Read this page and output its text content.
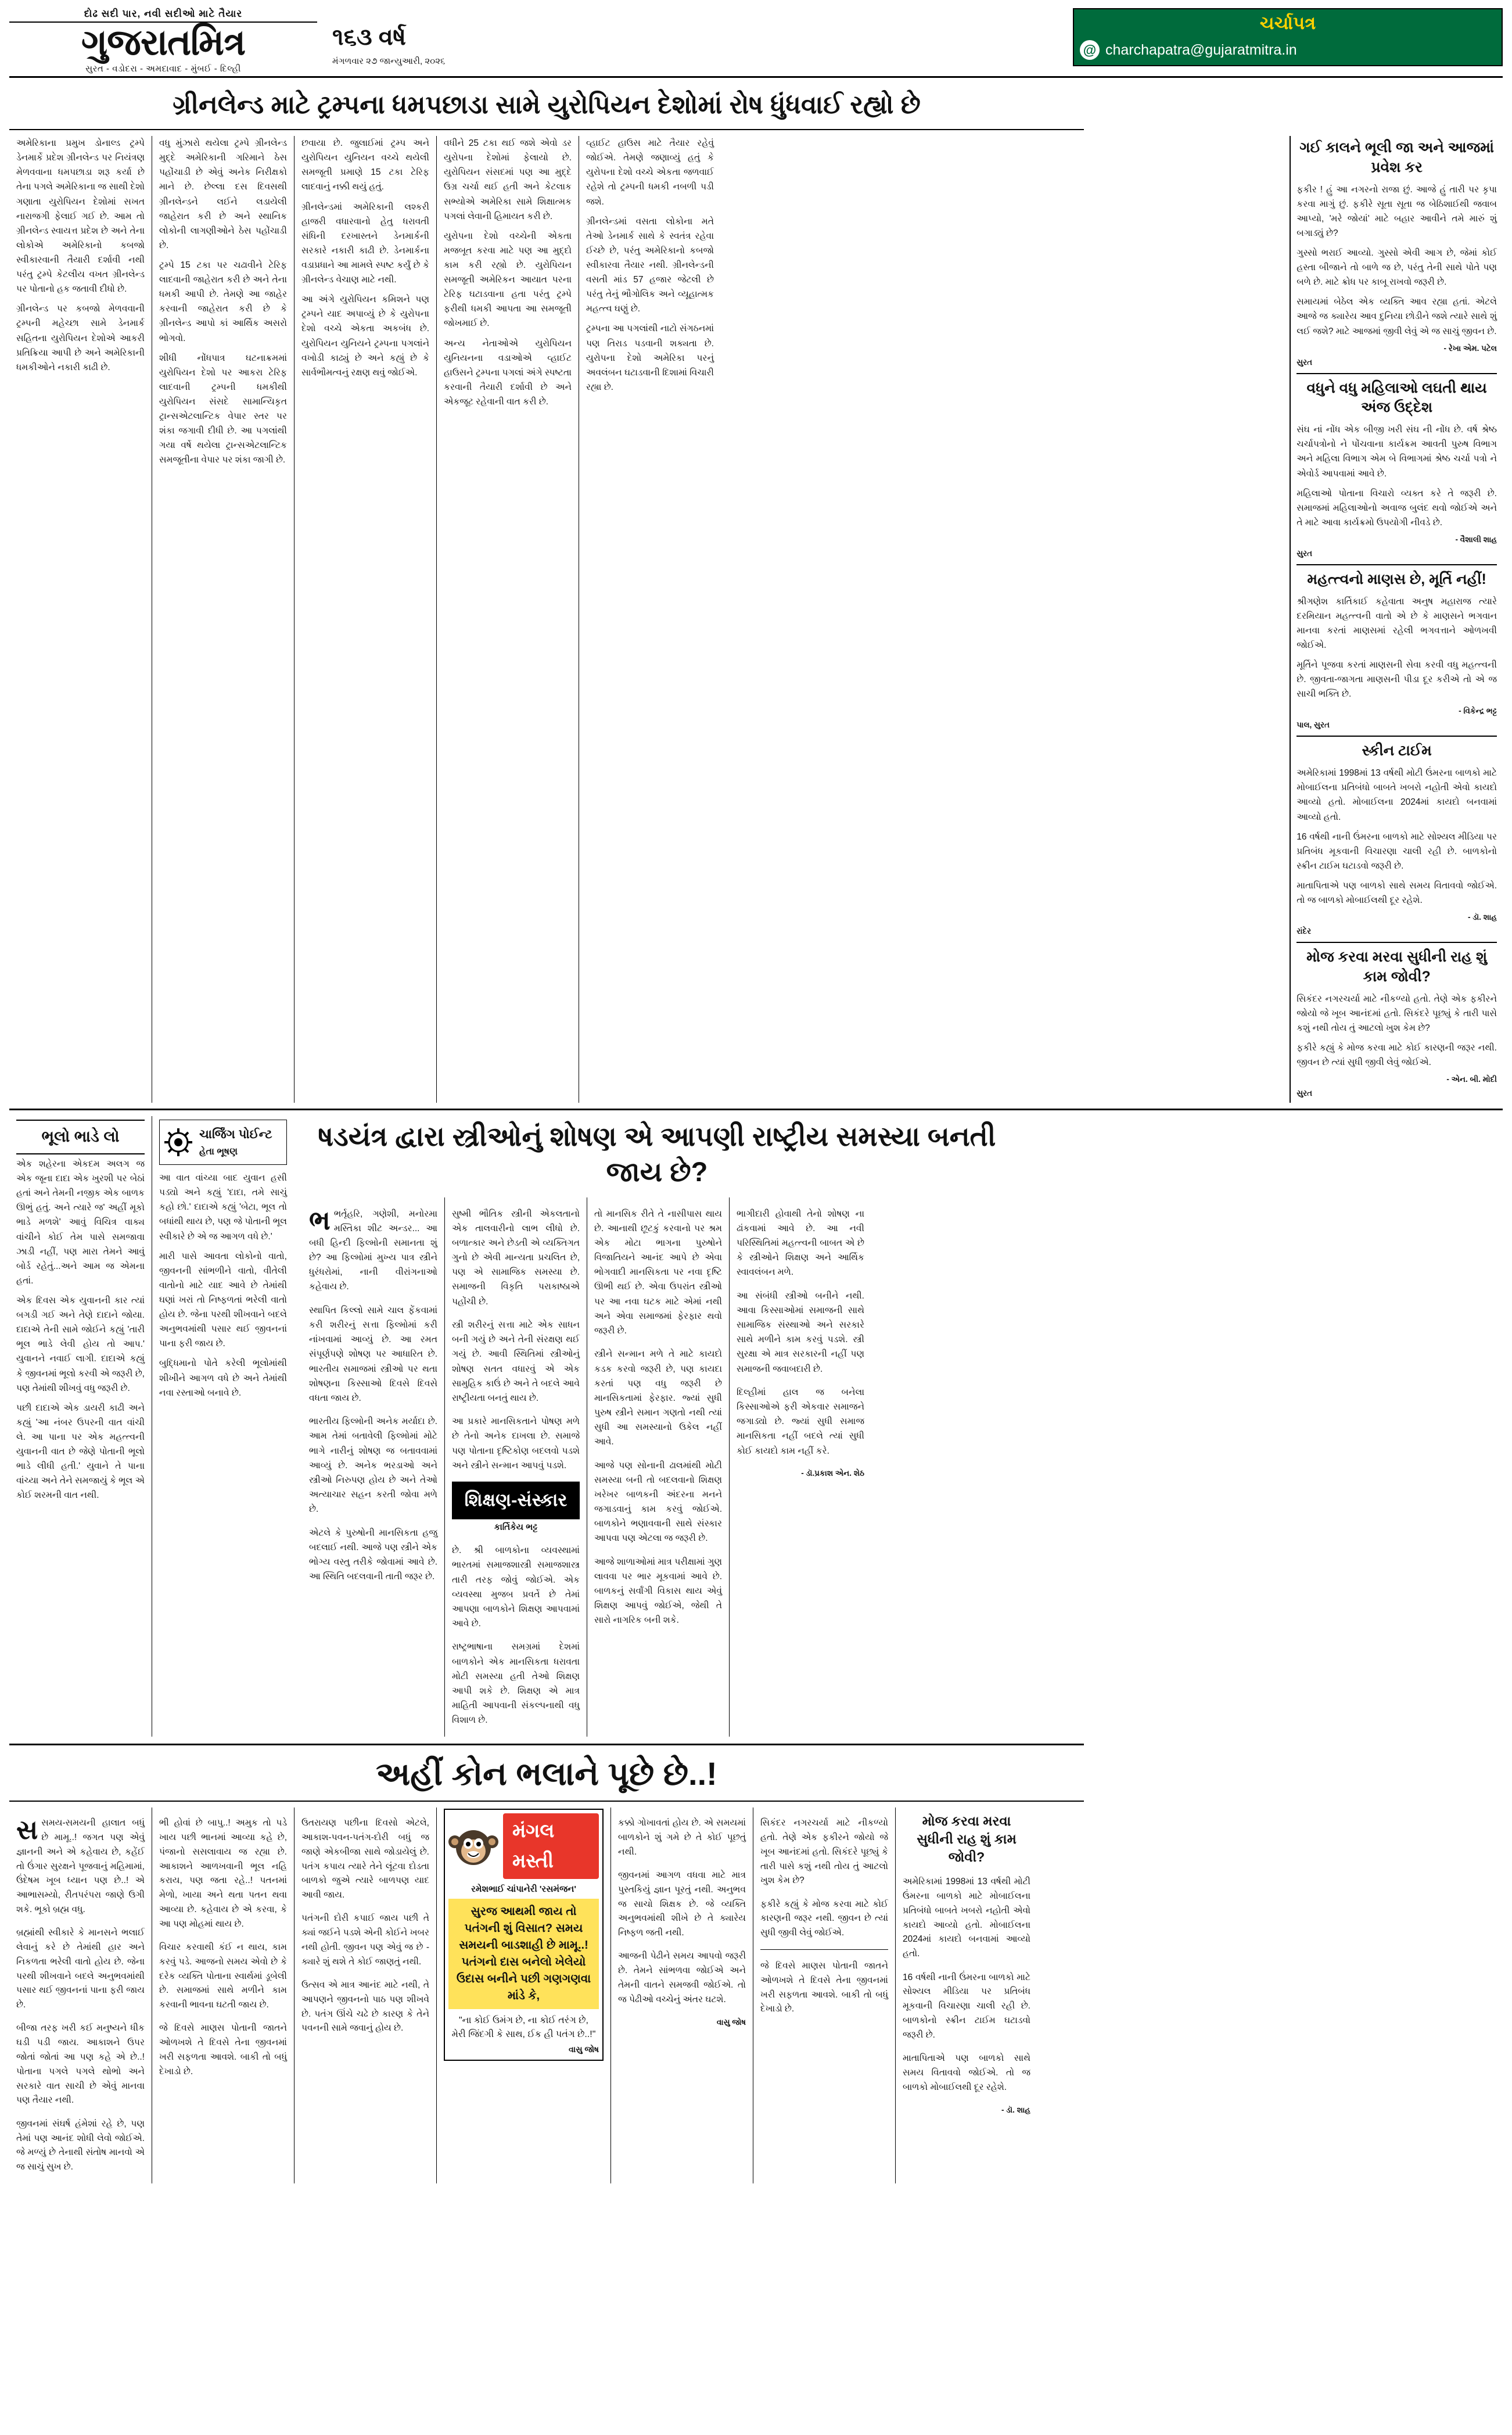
દોઢ સદી પાર, નવી સદીઓ માટે તૈયાર
ગુજરાતમિત્ર
સુરત - વડોદરા - અમદાવાદ - મુંબઈ - દિલ્હી
૧૬૩ વર્ષ
મંગળવાર ૨૭ જાન્યુઆરી, ૨૦૨૬
ચર્ચાપત્ર
@ charchapatra@gujaratmitra.in
ગ્રીનલેન્ડ માટે ટ્રમ્પના ધમપછાડા સામે યુરોપિયન દેશોમાં રોષ ધુંધવાઈ રહ્યો છે

અમેરિકાના પ્રમુખ ડોનાલ્ડ ટ્રમ્પે ડેનમાર્કે પ્રદેશ ગ્રીનલેન્ડ પર નિયંત્રણ મેળવવાના ધમપછાડા શરૂ કર્યા છે તેના પગલે અમેરિકાના જ સાથી દેશો ગણાતા યુરોપિયન દેશોમાં સખત નારાજગી ફેલાઈ ગઈ છે. આમ તો ગ્રીનલેન્ડ સ્વાયત્ત પ્રદેશ છે અને તેના લોકોએ અમેરિકાનો કબજો સ્વીકારવાની તૈયારી દર્શાવી નથી પરંતુ ટ્રમ્પે કેટલીય વખત ગ્રીનલેન્ડ પર પોતાનો હક જતાવી દીધો છે.

ગ્રીનલેન્ડ પર કબજો મેળવવાની ટ્રમ્પની મહેચ્છા સામે ડેનમાર્ક સહિતના યુરોપિયન દેશોએ આકરી પ્રતિક્રિયા આપી છે અને અમેરિકાની ધમકીઓને નકારી કાઢી છે.

વધુ મુંઝારો થયેલા ટ્રમ્પે ગ્રીનલેન્ડ મુદ્દે અમેરિકાની ગરિમાને ઠેસ પહોંચાડી છે એવું અનેક નિરીક્ષકો માને છે. છેલ્લા દસ દિવસથી ગ્રીનલેન્ડને લઈને લડાયેલી જાહેરાત કરી છે અને સ્થાનિક લોકોની લાગણીઓને ઠેસ પહોંચાડી છે.

ટ્રમ્પે 15 ટકા પર ચઢાવીને ટેરિફ લાદવાની જાહેરાત કરી છે અને તેના ધમકી આપી છે. તેમણે આ જાહેર કરવાની જાહેરાત કરી છે કે ગ્રીનલેન્ડ આપો કાં આર્થિક અસરો ભોગવો.

શીધી નોંધપાત્ર ઘટનાક્રમમાં યુરોપિયન દેશો પર આકરા ટેરિફ લાદવાની ટ્રમ્પની ધમકીથી યુરોપિયન સંસદે સામાન્યિકૃત ટ્રાન્સએટલાન્ટિક વેપાર સ્તર પર શંકા જગાવી દીધી છે. આ પગલાંથી ગયા વર્ષે થયેલા ટ્રાન્સએટલાન્ટિક સમજૂતીના વેપાર પર શંકા જાગી છે.

છવાયા છે. જુલાઈમાં ટ્રમ્પ અને યુરોપિયન યુનિયન વચ્ચે થયેલી સમજૂતી પ્રમાણે 15 ટકા ટેરિફ લાદવાનું નક્કી થયું હતું.

ગ્રીનલેન્ડમાં અમેરિકાની લશ્કરી હાજરી વધારવાનો હેતુ ધરાવતી સંધિની દરખાસ્તને ડેનમાર્કની સરકારે નકારી કાઢી છે. ડેનમાર્કના વડાપ્રધાને આ મામલે સ્પષ્ટ કર્યું છે કે ગ્રીનલેન્ડ વેચાણ માટે નથી.

આ અંગે યુરોપિયન કમિશને પણ ટ્રમ્પને યાદ અપાવ્યું છે કે યુરોપના દેશો વચ્ચે એકતા અકબંધ છે. યુરોપિયન યુનિયને ટ્રમ્પના પગલાંને વખોડી કાઢ્યું છે અને કહ્યું છે કે સાર્વભૌમત્વનું રક્ષણ થવું જોઈએ.

વધીને 25 ટકા થઈ જશે એવો ડર યુરોપના દેશોમાં ફેલાયો છે. યુરોપિયન સંસદમાં પણ આ મુદ્દે ઉગ્ર ચર્ચા થઈ હતી અને કેટલાક સભ્યોએ અમેરિકા સામે શિક્ષાત્મક પગલાં લેવાની હિમાયત કરી છે.

યુરોપના દેશો વચ્ચેની એકતા મજબૂત કરવા માટે પણ આ મુદ્દો કામ કરી રહ્યો છે. યુરોપિયન સમજૂતી અમેરિકન આયાત પરના ટેરિફ ઘટાડવાના હતા પરંતુ ટ્રમ્પે ફરીથી ધમકી આપતા આ સમજૂતી જોખમાઈ છે.

અન્ય નેતાઓએ યુરોપિયન યુનિયનના વડાઓએ વ્હાઈટ હાઉસને ટ્રમ્પના પગલાં અંગે સ્પષ્ટતા કરવાની તૈયારી દર્શાવી છે અને એકજૂટ રહેવાની વાત કરી છે.

વ્હાઈટ હાઉસ માટે તૈયાર રહેવું જોઈએ. તેમણે જણાવ્યું હતું કે યુરોપના દેશો વચ્ચે એકતા જળવાઈ રહેશે તો ટ્રમ્પની ધમકી નબળી પડી જશે.

ગ્રીનલેન્ડમાં વસતા લોકોના મતે તેઓ ડેનમાર્ક સાથે કે સ્વતંત્ર રહેવા ઈચ્છે છે, પરંતુ અમેરિકાનો કબજો સ્વીકારવા તૈયાર નથી. ગ્રીનલેન્ડની વસતી માંડ 57 હજાર જેટલી છે પરંતુ તેનું ભૌગોલિક અને વ્યૂહાત્મક મહત્ત્વ ઘણું છે.

ટ્રમ્પના આ પગલાંથી નાટો સંગઠનમાં પણ તિરાડ પડવાની શક્યતા છે. યુરોપના દેશો અમેરિકા પરનું અવલંબન ઘટાડવાની દિશામાં વિચારી રહ્યા છે.

ગઈ કાલને ભૂલી જા અને આજમાં પ્રવેશ કર

ફકીર ! હું આ નગરનો રાજા છું. આજે હું તારી પર કૃપા કરવા માગું છું. ફકીરે સૂતા સૂતા જ બેઠિશાઈથી જવાબ આપ્યો, 'મરે જોયાં' માટે બહાર આવીને તમે મારું શું બગાડ્યું છે?

ગુસ્સો ભરાઈ આવ્યો. ગુસ્સો એવી આગ છે, જેમાં કોઈ હસ્તા બીજાને તો બાળે જ છે, પરંતુ તેની સાથે પોતે પણ બળે છે. માટે ક્રોધ પર કાબૂ રાખવો જરૂરી છે.

સમાયમાં બેઠેલ એક વ્યક્તિ આવ રહ્યા હતાં. એટલે આજે જ ક્યારેય આવ દુનિયા છોડીને જશે ત્યારે સાથે શું લઈ જશે? માટે આજમાં જીવી લેવું એ જ સાચું જીવન છે.

- રેખા એમ. પટેલ
સુરત
વધુને વધુ મહિલાઓ લઘતી થાય અંજ ઉદ્દેશ

સંઘ નાં નોંધ એક બીજી ખરી સંઘ ની નોંધ છે. વર્ષ શ્રેષ્ઠ ચર્ચાપત્રોનો ને પોંચવાના કાર્યક્રમ આવતી પુરુષ વિભાગ અને મહિલા વિભાગ એમ બે વિભાગમાં શ્રેષ્ઠ ચર્ચા પત્રો ને એવોર્ડ આપવામાં આવે છે.

મહિલાઓ પોતાના વિચારો વ્યક્ત કરે તે જરૂરી છે. સમાજમાં મહિલાઓનો અવાજ બુલંદ થવો જોઈએ અને તે માટે આવા કાર્યક્રમો ઉપયોગી નીવડે છે.

- વૈશાલી શાહ
સુરત
મહત્ત્વનો માણસ છે, મૂર્તિ નહીં!

શ્રીગણેશ કાર્તિકાઈ કહેવાતા અનુષ મહારાજ ત્યારે દરમિયાન મહત્ત્વની વાતો એ છે કે માણસને ભગવાન માનવા કરતાં માણસમાં રહેલી ભગવત્તાને ઓળખવી જોઈએ.

મૂર્તિને પૂજવા કરતાં માણસની સેવા કરવી વધુ મહત્ત્વની છે. જીવતા-જાગતા માણસની પીડા દૂર કરીએ તો એ જ સાચી ભક્તિ છે.

- વિકેન્દ્ર ભટ્ટ
પાલ, સુરત
સ્કીન ટાઈમ

અમેરિકામાં 1998માં 13 વર્ષથી મોટી ઉંમરના બાળકો માટે મોબાઈલના પ્રતિબંધો બાબતે ખબરો નહોતી એવો કાયદો આવ્યો હતો. મોબાઈલના 2024માં કાયદો બનવામાં આવ્યો હતો.

16 વર્ષથી નાની ઉંમરના બાળકો માટે સોશ્યલ મીડિયા પર પ્રતિબંધ મૂકવાની વિચારણા ચાલી રહી છે. બાળકોનો સ્ક્રીન ટાઈમ ઘટાડવો જરૂરી છે.

માતાપિતાએ પણ બાળકો સાથે સમય વિતાવવો જોઈએ. તો જ બાળકો મોબાઈલથી દૂર રહેશે.

- ડૉ. શાહ
રાંદેર
મોજ કરવા મરવા સુધીની રાહ શું કામ જોવી?

સિકંદર નગરચર્યા માટે નીકળ્યો હતો. તેણે એક ફકીરને જોયો જે ખૂબ આનંદમાં હતો. સિકંદરે પૂછ્યું કે તારી પાસે કશું નથી તોય તું આટલો ખુશ કેમ છે?

ફકીરે કહ્યું કે મોજ કરવા માટે કોઈ કારણની જરૂર નથી. જીવન છે ત્યાં સુધી જીવી લેવું જોઈએ.

- એન. બી. મોદી
સુરત
ભૂલો ભાડે લો

એક શહેરના એકદમ અલગ જ એક જૂના દાદા એક ખુરશી પર બેઠાં હતાં અને તેમની નજીક એક બાળક ઊભું હતું. અને ત્યારે જ' અહીં મૂકો ભાડે મળશે' આવું વિચિત્ર વાક્ય વાંચીને કોઈ તેમ પાસે સમજાવા ઝાડી નહીં, પણ મારા તેમને આવું બોર્ડ રહેતું...અને આમ જ એમના હતાં.

એક દિવસ એક યુવાનની કાર ત્યાં બગડી ગઈ અને તેણે દાદાને જોયા. દાદાએ તેની સામે જોઈને કહ્યું 'તારી ભૂલ ભાડે લેવી હોય તો આપ.' યુવાનને નવાઈ લાગી. દાદાએ કહ્યું કે જીવનમાં ભૂલો કરવી એ જરૂરી છે, પણ તેમાંથી શીખવું વધુ જરૂરી છે.

પછી દાદાએ એક ડાયરી કાઢી અને કહ્યું 'આ નંબર ઉપરની વાત વાંચી લે. આ પાના પર એક મહત્ત્વની યુવાનની વાત છે જેણે પોતાની ભૂલો ભાડે લીધી હતી.' યુવાને તે પાના વાંચ્યા અને તેને સમજાયું કે ભૂલ એ કોઈ શરમની વાત નથી.

ચાર્જિંગ પોઈન્ટ
હેતા ભૂષણ

આ વાત વાંચ્યા બાદ યુવાન હસી પડ્યો અને કહ્યું 'દાદા, તમે સાચું કહો છો.' દાદાએ કહ્યું 'બેટા, ભૂલ તો બધાંથી થાય છે, પણ જે પોતાની ભૂલ સ્વીકારે છે એ જ આગળ વધે છે.'

મારી પાસે આવતા લોકોનો વાતો, જીવનની સાંભળીને વાતો, વીતેલી વાતોનો માટે યાદ આવે છે તેમાંથી ઘણાં ખરાં તો નિષ્ફળતાં ભરેલી વાતો હોય છે. જેના પરથી શીખવાને બદલે અનુભવમાંથી પસાર થઈ જીવનનાં પાના ફરી જાય છે.

બુદ્ધિમાનો પોતે કરેલી ભૂલોમાંથી શીખીને આગળ વધે છે અને તેમાંથી નવા રસ્તાઓ બનાવે છે.

ષડયંત્ર દ્વારા સ્ત્રીઓનું શોષણ એ આપણી રાષ્ટ્રીય સમસ્યા બનતી જાય છે?

ભભર્તૃહરિ, ગણેશી, મનોરમા મસ્તિકા શીટ અન્ડર... આ બધી હિન્દી ફિલ્મોની સમાનતા શું છે? આ ફિલ્મોમાં મુખ્ય પાત્ર સ્ત્રીને ધુરંધરોમાં, નાની વીરાંગનાઓ કહેવાય છે.

સ્થાપિત કિલ્લો સામે ચાલ ફેંકવામાં કરી શરીરનું સત્તા ફિલ્મોમાં કરી નાંખવામાં આવ્યું છે. આ રમત સંપૂર્ણપણે શોષણ પર આધારિત છે. ભારતીય સમાજમાં સ્ત્રીઓ પર થતા શોષણના કિસ્સાઓ દિવસે દિવસે વધતા જાય છે.

ભારતીય ફિલ્મોની અનેક મર્યાદા છે. આમ તેમાં બતાવેલી ફિલ્મોમાં મોટે ભાગે નારીનું શોષણ જ બતાવવામાં આવ્યું છે. અનેક ભરડાઓ અને સ્ત્રીઓ નિરુપણ હોય છે અને તેઓ અત્યાચાર સહન કરતી જોવા મળે છે.

એટલે કે પુરુષોની માનસિકતા હજુ બદલાઈ નથી. આજે પણ સ્ત્રીને એક ભોગ્ય વસ્તુ તરીકે જોવામાં આવે છે. આ સ્થિતિ બદલવાની તાતી જરૂર છે.

સુષ્મી ભૌતિક સ્ત્રીની એકલતાનો એક તાલવારીનો લાભ લીધો છે. બળાત્કાર અને છેડતી એ વ્યક્તિગત ગુનો છે એવી માન્યતા પ્રચલિત છે, પણ એ સામાજિક સમસ્યા છે. સમાજની વિકૃતિ પરાકાષ્ઠાએ પહોંચી છે.

સ્ત્રી શરીરનું સત્તા માટે એક સાધન બની ગયું છે અને તેની સંરક્ષણ થઈ ગયું છે. આવી સ્થિતિમાં સ્ત્રીઓનું શોષણ સતત વધારવું એ એક સામુહિક કાઉં છે અને તે બદલે આવે રાષ્ટ્રીયતા બનતું થાય છે.

આ પ્રકારે માનસિકતાને પોષણ મળે છે તેનો અનેક દાખલા છે. સમાજે પણ પોતાના દૃષ્ટિકોણ બદલવો પડશે અને સ્ત્રીને સન્માન આપવું પડશે.

શિક્ષણ-સંસ્કાર
કાર્તિકેય ભટ્ટ

છે. શ્રી બાળકોના વ્યવસ્થામાં ભારતમાં સમાજશાસ્ત્રી સમાજશાસ્ત્ર તારી તરફ જોવું જોઈએ. એક વ્યવસ્થા મુજબ પ્રવર્તે છે તેમાં આપણા બાળકોને શિક્ષણ આપવામાં આવે છે.

રાષ્ટ્રભાષાના સમગ્રમાં દેશમાં બાળકોને એક માનસિકતા ધરાવતા મોટી સમસ્યા હતી તેઓ શિક્ષણ આપી શકે છે. શિક્ષણ એ માત્ર માહિતી આપવાની સંકલ્પનાથી વધુ વિશાળ છે.

તો માનસિક રીતે તે નાસીપાસ થાય છે. આનાથી છૂટકું કરવાનો પર શ્રમ એક મોટા ભાગના પુરુષોને વિજાતિયને આનંદ આપે છે એવા ભોગવાદી માનસિકતા પર નવા દૃષ્ટિ ઊભી થઈ છે. એવા ઉપરાંત સ્ત્રીઓ પર આ નવા ઘટક માટે એમાં નથી અને એવા સમાજમાં ફેરફાર થવો જરૂરી છે.

સ્ત્રીને સન્માન મળે તે માટે કાયદો કડક કરવો જરૂરી છે, પણ કાયદા કરતાં પણ વધુ જરૂરી છે માનસિકતામાં ફેરફાર. જ્યાં સુધી પુરુષ સ્ત્રીને સમાન ગણતો નથી ત્યાં સુધી આ સમસ્યાનો ઉકેલ નહીં આવે.

આજે પણ સોનાની ઢાલમાંથી મોટી સમસ્યા બની તો બદલવાનો શિક્ષણ ખરેખર બાળકની અંદરના મનને જગાડવાનું કામ કરવું જોઈએ. બાળકોને ભણાવવાની સાથે સંસ્કાર આપવા પણ એટલા જ જરૂરી છે.

આજે શાળાઓમાં માત્ર પરીક્ષામાં ગુણ લાવવા પર ભાર મૂકવામાં આવે છે. બાળકનું સર્વાંગી વિકાસ થાય એવું શિક્ષણ આપવું જોઈએ, જેથી તે સારો નાગરિક બની શકે.

ભાગીદારી હોવાથી તેનો શોષણ ના ઢાંકવામાં આવે છે. આ નવી પરિસ્થિતિમાં મહત્ત્વની બાબત એ છે કે સ્ત્રીઓને શિક્ષણ અને આર્થિક સ્વાવલંબન મળે.

આ સંબંધી સ્ત્રીઓ બનીને નથી. આવા કિસ્સાઓમાં સમાજની સાથે સામાજિક સંસ્થાઓ અને સરકારે સાથે મળીને કામ કરવું પડશે. સ્ત્રી સુરક્ષા એ માત્ર સરકારની નહીં પણ સમાજની જવાબદારી છે.

દિલ્હીમાં હાલ જ બનેલા કિસ્સાઓએ ફરી એકવાર સમાજને જગાડ્યો છે. જ્યાં સુધી સમાજ માનસિકતા નહીં બદલે ત્યાં સુધી કોઈ કાયદો કામ નહીં કરે.

- ડૉ.પ્રકાશ એન. શેઠ
અહીં કોન ભલાને પૂછે છે..!

સસમય-સમયની હાલાત બધું છે મામૂ..! જગત પણ એવું જ્ઞાનની અને એ કહેવાય છે, કહેંઈ તો ઉંગાર સુરક્ષને પૂજવાનું મહિમામાં, ઉંદેષમ ખૂબ ધ્યાન પણ છે..! એ આભાસમ્યો, રીતપરંપરા જાણે ઉગી શકે. ભૂકો બ્રહ્મ વધુ.

બ્રહ્માંથી સ્વીકારે કે માનસને ભલાઈ લેવાનું કરે છે તેમાંથી હાર અને નિકળતા ભરેલી વાતો હોય છે. જેના પરથી શીખવાને બદલે અનુભવમાંથી પસાર થઈ જીવનનાં પાના ફરી જાય છે.

બીજા તરફ ખરી કઈ મનુષ્યને ધીક ઘડી પડી જાય. આકાશને ઉપર જોતાં જોતાં આ પણ કહે એ છે..! પોતાના પગલે પગલે થોભો અને સરકારે વાત સાચી છે એવું માનવા પણ તૈયાર નથી.

જીવનમાં સંઘર્ષ હંમેશાં રહે છે, પણ તેમાં પણ આનંદ શોધી લેવો જોઈએ. જે મળ્યું છે તેનાથી સંતોષ માનવો એ જ સાચું સુખ છે.

ભી હોવાં છે બાપુ..! અમુક તો પડે ખાય પછી ભાનમાં આવ્યા કહે છે, પંજાનો સસલાવાય જ રહ્યા છે. આકાશને આળખવાની ભૂલ નહિ કરાય, પણ જતા રહે..! પતનમાં મેળો, ખાયા અને થતા પતન થવા આવ્યા છે. કહેવાય છે એ કરવા, કે આ પણ મોહમાં થાય છે.

વિચાર કરવાથી કંઈ ન થાય, કામ કરવું પડે. આજનો સમય એવો છે કે દરેક વ્યક્તિ પોતાના સ્વાર્થમાં ડૂબેલી છે. સમાજમાં સાથે મળીને કામ કરવાની ભાવના ઘટતી જાય છે.

જે દિવસે માણસ પોતાની જાતને ઓળખશે તે દિવસે તેના જીવનમાં ખરી સફળતા આવશે. બાકી તો બધું દેખાડો છે.

ઉતરાયણ પછીના દિવસો એટલે, આકાશ-પવન-પતંગ-દોરી બધું જ જાણે એકબીજા સાથે જોડાયેલું છે. પતંગ કપાય ત્યારે તેને લૂંટવા દોડતા બાળકો જુએ ત્યારે બાળપણ યાદ આવી જાય.

પતંગની દોરી કપાઈ જાય પછી તે ક્યાં જઈને પડશે એની કોઈને ખબર નથી હોતી. જીવન પણ એવું જ છે - ક્યારે શું થશે તે કોઈ જાણતું નથી.

ઉત્સવ એ માત્ર આનંદ માટે નથી, તે આપણને જીવનનો પાઠ પણ શીખવે છે. પતંગ ઊંચે ચઢે છે કારણ કે તેને પવનની સામે જવાનું હોય છે.

મંગલ મસ્તી
રમેશભાઈ ચાંપાનેરી 'રસમંજન'
સુરજ આથમી જાય તો પતંગની શું વિસાત? સમય સમયની બાડશાહી છે મામૂ..! પતંગનો દાસ બનેલો ખેલેયો ઉદાસ બનીને પછી ગણગણવા માંડે કે,
"ના કોઈ ઉમંગ છે, ના કોઈ તરંગ છે, મેરી જિંદગી કે સાથ, ઈક હી પતંગ છે..!"
વાસુ જોષ

કક્કો ગોખાવતાં હોય છે. એ સમયમાં બાળકોને શું ગમે છે તે કોઈ પૂછતું નથી.

જીવનમાં આગળ વધવા માટે માત્ર પુસ્તકિયું જ્ઞાન પૂરતું નથી. અનુભવ જ સાચો શિક્ષક છે. જે વ્યક્તિ અનુભવમાંથી શીખે છે તે ક્યારેય નિષ્ફળ જતી નથી.

આજની પેઢીને સમય આપવો જરૂરી છે. તેમને સાંભળવા જોઈએ અને તેમની વાતને સમજવી જોઈએ. તો જ પેઢીઓ વચ્ચેનું અંતર ઘટશે.

વાસુ જોષ

સિકંદર નગરચર્યા માટે નીકળ્યો હતો. તેણે એક ફકીરને જોયો જે ખૂબ આનંદમાં હતો. સિકંદરે પૂછ્યું કે તારી પાસે કશું નથી તોય તું આટલો ખુશ કેમ છે?

ફકીરે કહ્યું કે મોજ કરવા માટે કોઈ કારણની જરૂર નથી. જીવન છે ત્યાં સુધી જીવી લેવું જોઈએ.

જે દિવસે માણસ પોતાની જાતને ઓળખશે તે દિવસે તેના જીવનમાં ખરી સફળતા આવશે. બાકી તો બધું દેખાડો છે.

મોજ કરવા મરવા સુધીની રાહ શું કામ જોવી?

અમેરિકામાં 1998માં 13 વર્ષથી મોટી ઉંમરના બાળકો માટે મોબાઈલના પ્રતિબંધો બાબતે ખબરો નહોતી એવો કાયદો આવ્યો હતો. મોબાઈલના 2024માં કાયદો બનવામાં આવ્યો હતો.

16 વર્ષથી નાની ઉંમરના બાળકો માટે સોશ્યલ મીડિયા પર પ્રતિબંધ મૂકવાની વિચારણા ચાલી રહી છે. બાળકોનો સ્ક્રીન ટાઈમ ઘટાડવો જરૂરી છે.

માતાપિતાએ પણ બાળકો સાથે સમય વિતાવવો જોઈએ. તો જ બાળકો મોબાઈલથી દૂર રહેશે.

- ડૉ. શાહ
